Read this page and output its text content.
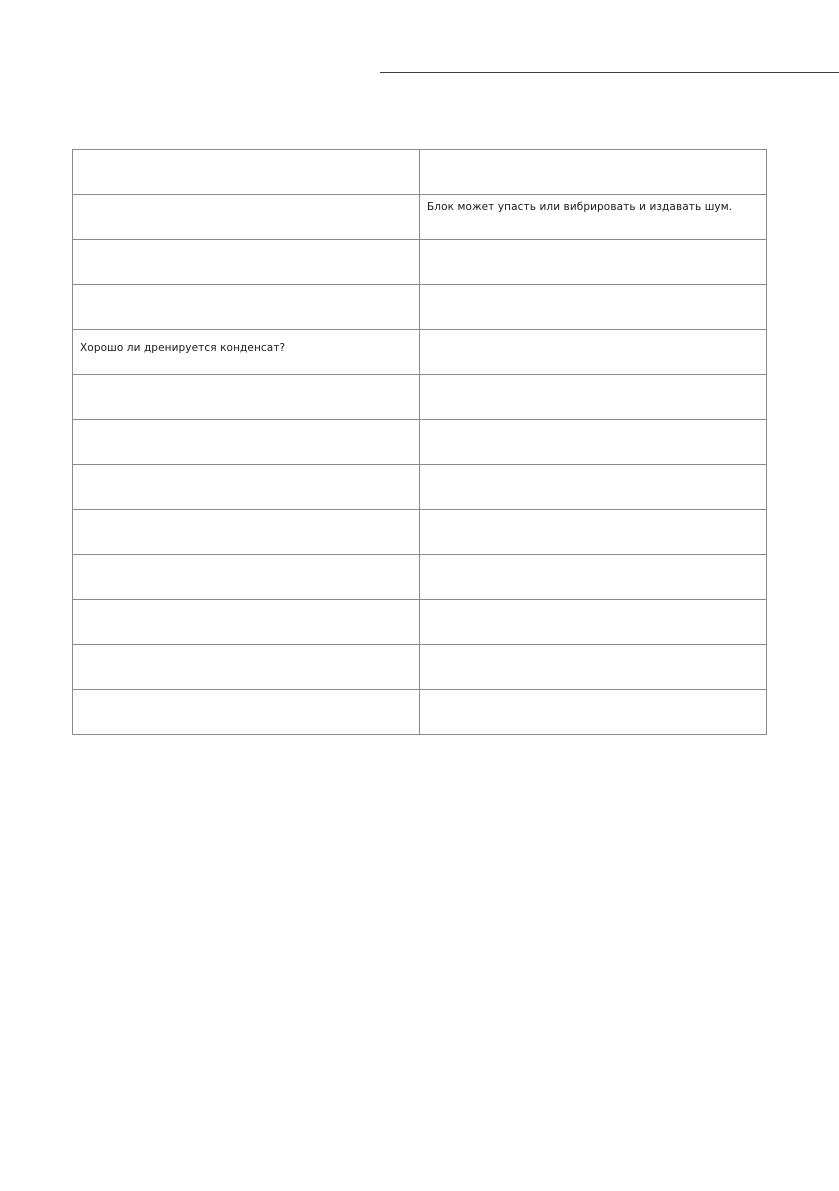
	Блок может упасть или вибрировать и издавать шум.

Хорошо ли дренируется конденсат?	
